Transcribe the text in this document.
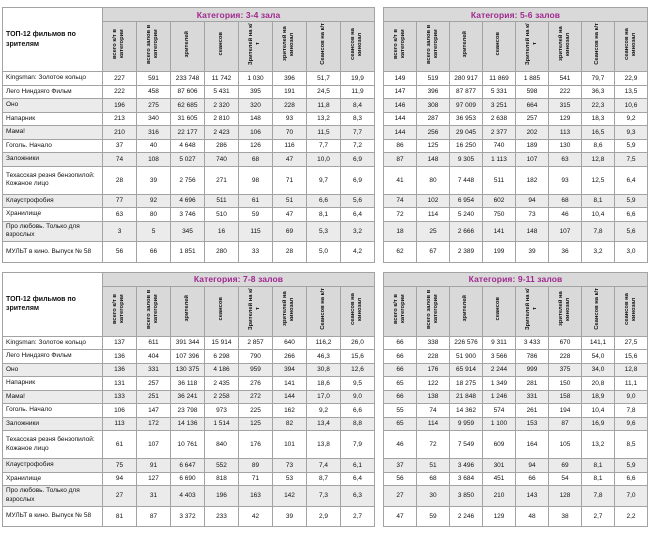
ТОП-12 фильмов по зрителям	Категория: 3-4 зала							
	всего к/т в категории	всего залов в категории	зрителей	сеансов	Зрителей на к/т	зрителей на кинозал	Сеансов на к/т	сеансов на кинозал
Kingsman: Золотое кольцо	227	591	233 748	11 742	1 030	396	51,7	19,9
Лего Ниндзяго Фильм	222	458	87 606	5 431	395	191	24,5	11,9
Оно	196	275	62 685	2 320	320	228	11,8	8,4
Напарник	213	340	31 605	2 810	148	93	13,2	8,3
Мама!	210	316	22 177	2 423	106	70	11,5	7,7
Гоголь. Начало	37	40	4 648	286	126	116	7,7	7,2
Заложники	74	108	5 027	740	68	47	10,0	6,9
Техасская резня бензопилой: Кожаное лицо	28	39	2 756	271	98	71	9,7	6,9
Клаустрофобия	77	92	4 696	511	61	51	6,6	5,6
Хранилище	63	80	3 746	510	59	47	8,1	6,4
Про любовь. Только для взрослых	3	5	345	16	115	69	5,3	3,2
МУЛЬТ в кино. Выпуск № 58	56	66	1 851	280	33	28	5,0	4,2
Категория: 5-6 залов							
всего к/т в категории	всего залов в категории	зрителей	сеансов	Зрителей на к/т	зрителей на кинозал	Сеансов на к/т	сеансов на кинозал
149	519	280 917	11 869	1 885	541	79,7	22,9
147	396	87 877	5 331	598	222	36,3	13,5
146	308	97 009	3 251	664	315	22,3	10,6
144	287	36 953	2 638	257	129	18,3	9,2
144	256	29 045	2 377	202	113	16,5	9,3
86	125	16 250	740	189	130	8,6	5,9
87	148	9 305	1 113	107	63	12,8	7,5
41	80	7 448	511	182	93	12,5	6,4
74	102	6 954	602	94	68	8,1	5,9
72	114	5 240	750	73	46	10,4	6,6
18	25	2 666	141	148	107	7,8	5,6
62	67	2 389	199	39	36	3,2	3,0
ТОП-12 фильмов по зрителям	Категория: 7-8 залов							
	всего к/т в категории	всего залов в категории	зрителей	сеансов	Зрителей на к/т	зрителей на кинозал	Сеансов на к/т	сеансов на кинозал
Kingsman: Золотое кольцо	137	611	391 344	15 914	2 857	640	116,2	26,0
Лего Ниндзяго Фильм	136	404	107 396	6 298	790	266	46,3	15,6
Оно	136	331	130 375	4 186	959	394	30,8	12,6
Напарник	131	257	36 118	2 435	276	141	18,6	9,5
Мама!	133	251	36 241	2 258	272	144	17,0	9,0
Гоголь. Начало	106	147	23 798	973	225	162	9,2	6,6
Заложники	113	172	14 136	1 514	125	82	13,4	8,8
Техасская резня бензопилой: Кожаное лицо	61	107	10 761	840	176	101	13,8	7,9
Клаустрофобия	75	91	6 647	552	89	73	7,4	6,1
Хранилище	94	127	6 690	818	71	53	8,7	6,4
Про любовь. Только для взрослых	27	31	4 403	196	163	142	7,3	6,3
МУЛЬТ в кино. Выпуск № 58	81	87	3 372	233	42	39	2,9	2,7
Категория: 9-11 залов							
всего к/т в категории	всего залов в категории	зрителей	сеансов	Зрителей на к/т	зрителей на кинозал	Сеансов на к/т	сеансов на кинозал
66	338	226 576	9 311	3 433	670	141,1	27,5
66	228	51 900	3 566	786	228	54,0	15,6
66	176	65 914	2 244	999	375	34,0	12,8
65	122	18 275	1 349	281	150	20,8	11,1
66	138	21 848	1 246	331	158	18,9	9,0
55	74	14 362	574	261	194	10,4	7,8
65	114	9 959	1 100	153	87	16,9	9,6
46	72	7 549	609	164	105	13,2	8,5
37	51	3 496	301	94	69	8,1	5,9
56	68	3 684	451	66	54	8,1	6,6
27	30	3 850	210	143	128	7,8	7,0
47	59	2 246	129	48	38	2,7	2,2
